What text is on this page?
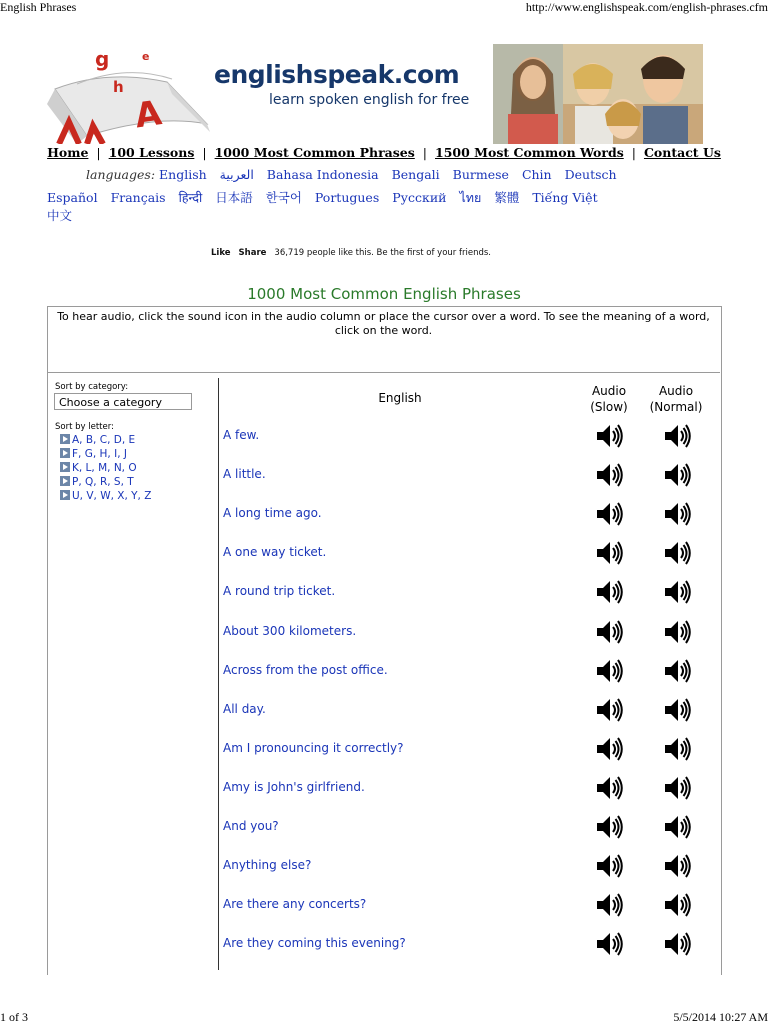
English Phrases	http://www.englishspeak.com/english-phrases.cfm
g
h
e
A
englishspeak.com
learn spoken english for free
Home | 100 Lessons | 1000 Most Common Phrases | 1500 Most Common Words | Contact Us
languages: English العربية Bahasa Indonesia Bengali Burmese Chin Deutsch
Español Français हिन्दी 日本語 한국어 Portugues Русский ไทย 繁體 Tiếng Việt 中文
Like Share 36,719 people like this. Be the first of your friends.
1000 Most Common English Phrases
To hear audio, click the sound icon in the audio column or place the cursor over a word. To see the meaning of a word, click on the word.
Sort by category:
Choose a category
Sort by letter:
A, B, C, D, E
F, G, H, I, J
K, L, M, N, O
P, Q, R, S, T
U, V, W, X, Y, Z
English	Audio
(Slow)
Audio
(Normal)
A few.
A little.
A long time ago.
A one way ticket.
A round trip ticket.
About 300 kilometers.
Across from the post office.
All day.
Am I pronouncing it correctly?
Amy is John's girlfriend.
And you?
Anything else?
Are there any concerts?
Are they coming this evening?
1 of 3	5/5/2014 10:27 AM
